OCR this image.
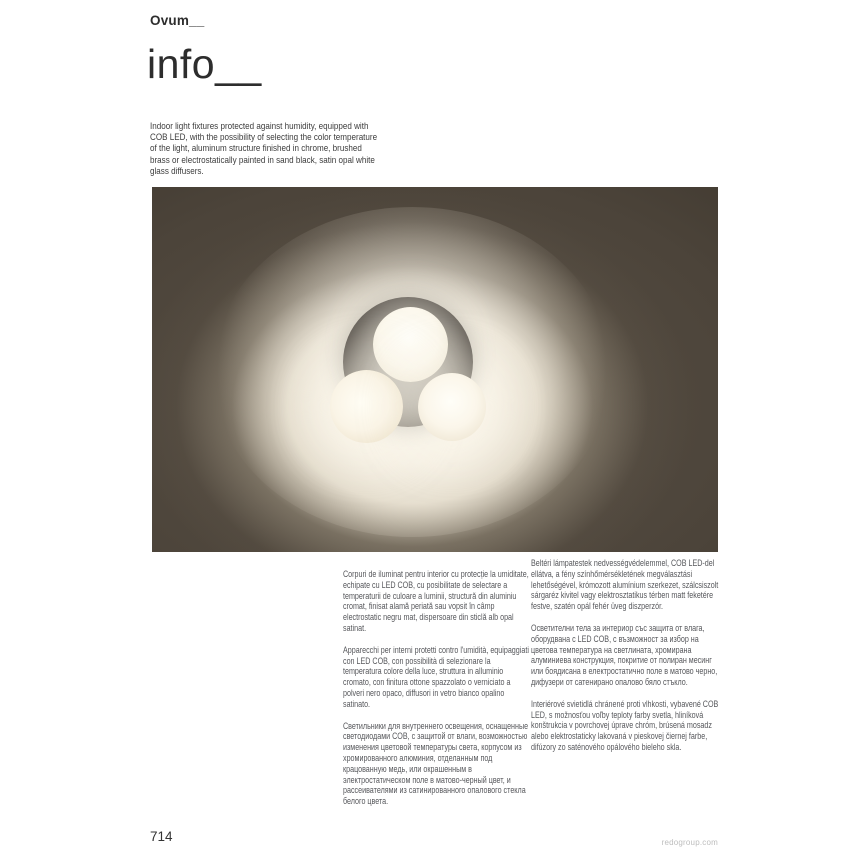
Ovum__
info__

Indoor light fixtures protected against humidity, equipped with COB LED, with the possibility of selecting the color temperature of the light, aluminum structure finished in chrome, brushed brass or electrostatically painted in sand black, satin opal white glass diffusers.

Corpuri de iluminat pentru interior cu protecție la umiditate, echipate cu LED COB, cu posibilitate de selectare a temperaturii de culoare a luminii, structură din aluminiu cromat, finisat alamă periată sau vopsit în câmp electrostatic negru mat, dispersoare din sticlă alb opal satinat.

Apparecchi per interni protetti contro l'umidità, equipaggiati con LED COB, con possibilità di selezionare la temperatura colore della luce, struttura in alluminio cromato, con finitura ottone spazzolato o verniciato a polveri nero opaco, diffusori in vetro bianco opalino satinato.

Светильники для внутреннего освещения, оснащенные светодиодами COB, с защитой от влаги, возможностью изменения цветовой температуры света, корпусом из хромированного алюминия, отделанным под крацованную медь, или окрашенным в электростатическом поле в матово-черный цвет, и рассеивателями из сатинированного опалового стекла белого цвета.

Beltéri lámpatestek nedvességvédelemmel, COB LED-del ellátva, a fény színhőmérsékletének megválasztási lehetőségével, krómozott alumínium szerkezet, szálcsiszolt sárgaréz kivitel vagy elektrosztatikus térben matt feketére festve, szatén opál fehér üveg diszperzór.

Осветителни тела за интериор със защита от влага, оборудвана с LED COB, с възможност за избор на цветова температура на светлината, хромирана алуминиева конструкция, покритие от полиран месинг или боядисана в електростатично поле в матово черно, дифузери от сатенирано опалово бяло стъкло.

Interiérové svietidlá chránené proti vlhkosti, vybavené COB LED, s možnosťou voľby teploty farby svetla, hliníková konštrukcia v povrchovej úprave chróm, brúsená mosadz alebo elektrostaticky lakovaná v pieskovej čiernej farbe, difúzory zo saténového opálového bieleho skla.

714	redogroup.com
